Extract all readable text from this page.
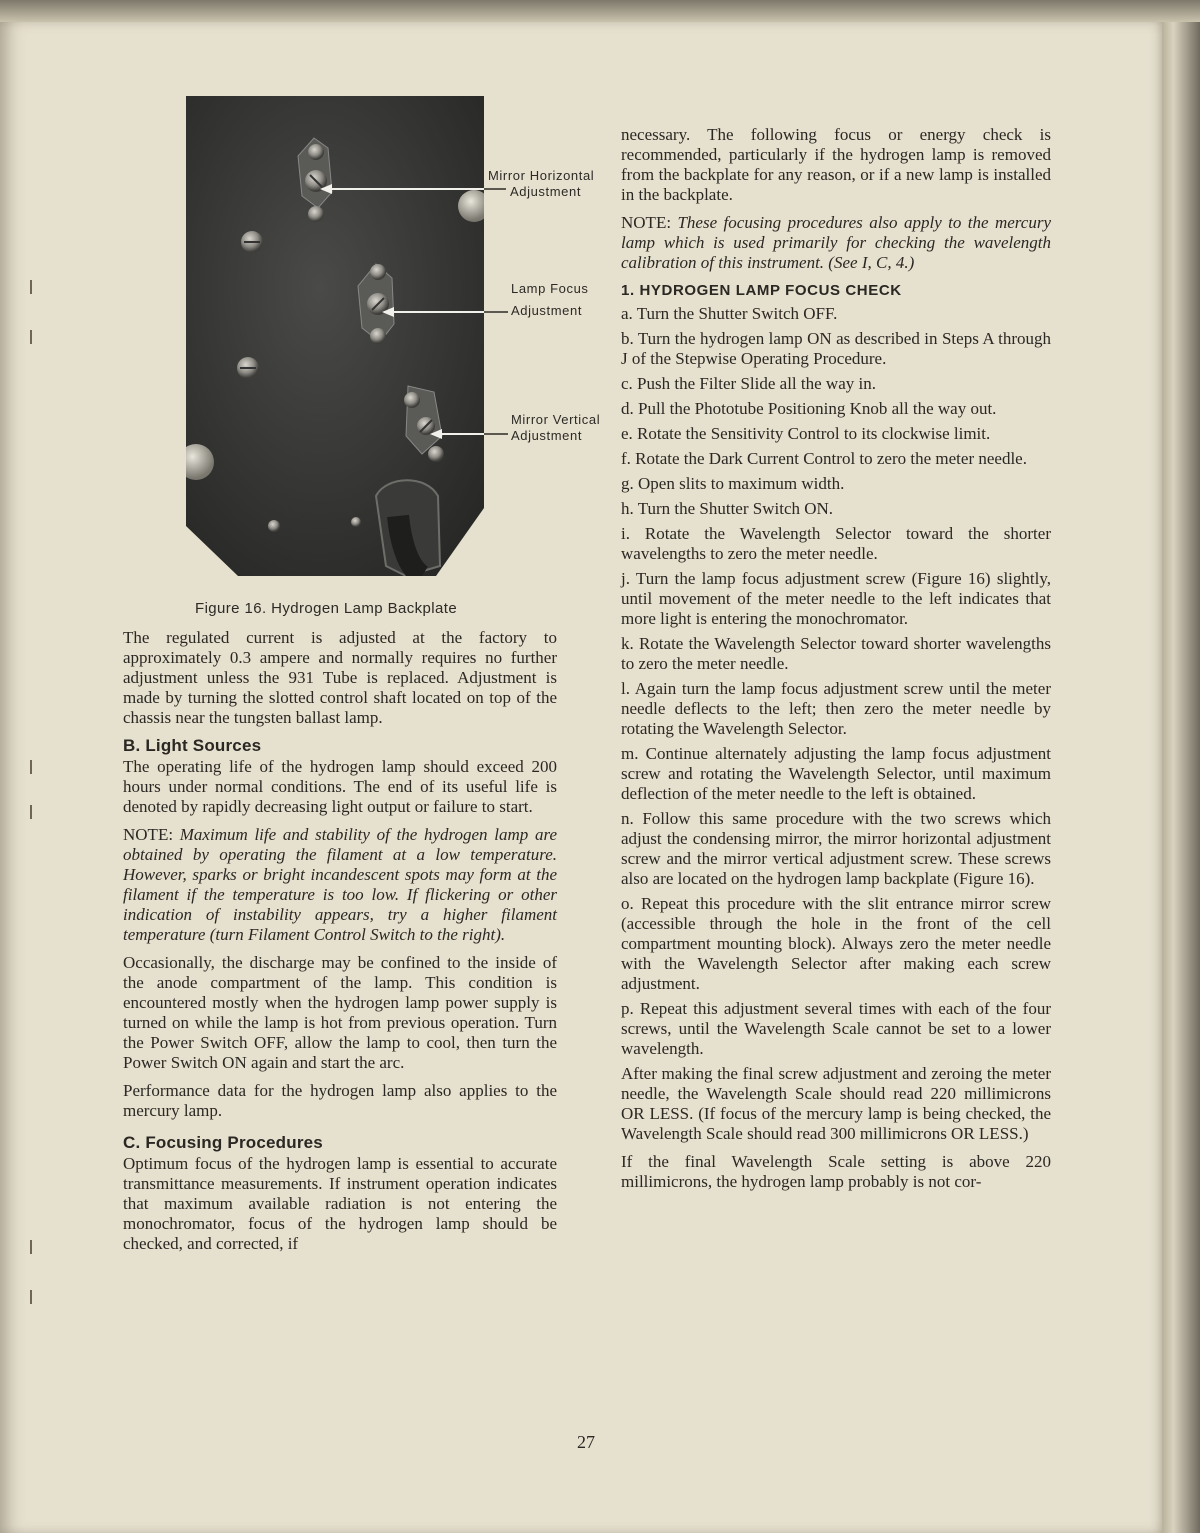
Mirror Horizontal
Adjustment
Lamp Focus
Adjustment
Mirror Vertical
Adjustment
Figure 16. Hydrogen Lamp Backplate

The regulated current is adjusted at the factory to approximately 0.3 ampere and normally requires no further adjustment unless the 931 Tube is replaced. Adjustment is made by turning the slotted control shaft located on top of the chassis near the tungsten ballast lamp.

B. Light Sources

The operating life of the hydrogen lamp should exceed 200 hours under normal conditions. The end of its useful life is denoted by rapidly decreasing light output or failure to start.

NOTE: Maximum life and stability of the hydrogen lamp are obtained by operating the filament at a low temperature. However, sparks or bright incandescent spots may form at the filament if the temperature is too low. If flickering or other indication of instability appears, try a higher filament temperature (turn Filament Control Switch to the right).

Occasionally, the discharge may be confined to the inside of the anode compartment of the lamp. This condition is encountered mostly when the hydrogen lamp power supply is turned on while the lamp is hot from previous operation. Turn the Power Switch OFF, allow the lamp to cool, then turn the Power Switch ON again and start the arc.

Performance data for the hydrogen lamp also applies to the mercury lamp.

C. Focusing Procedures

Optimum focus of the hydrogen lamp is essential to accurate transmittance measurements. If instrument operation indicates that maximum available radiation is not entering the monochromator, focus of the hydrogen lamp should be checked, and corrected, if

necessary. The following focus or energy check is recommended, particularly if the hydrogen lamp is removed from the backplate for any reason, or if a new lamp is installed in the backplate.

NOTE: These focusing procedures also apply to the mercury lamp which is used primarily for checking the wavelength calibration of this instrument. (See I, C, 4.)

1. HYDROGEN LAMP FOCUS CHECK

a. Turn the Shutter Switch OFF.

b. Turn the hydrogen lamp ON as described in Steps A through J of the Stepwise Operating Procedure.

c. Push the Filter Slide all the way in.

d. Pull the Phototube Positioning Knob all the way out.

e. Rotate the Sensitivity Control to its clockwise limit.

f. Rotate the Dark Current Control to zero the meter needle.

g. Open slits to maximum width.

h. Turn the Shutter Switch ON.

i. Rotate the Wavelength Selector toward the shorter wavelengths to zero the meter needle.

j. Turn the lamp focus adjustment screw (Figure 16) slightly, until movement of the meter needle to the left indicates that more light is entering the monochromator.

k. Rotate the Wavelength Selector toward shorter wavelengths to zero the meter needle.

l. Again turn the lamp focus adjustment screw until the meter needle deflects to the left; then zero the meter needle by rotating the Wavelength Selector.

m. Continue alternately adjusting the lamp focus adjustment screw and rotating the Wavelength Selector, until maximum deflection of the meter needle to the left is obtained.

n. Follow this same procedure with the two screws which adjust the condensing mirror, the mirror horizontal adjustment screw and the mirror vertical adjustment screw. These screws also are located on the hydrogen lamp backplate (Figure 16).

o. Repeat this procedure with the slit entrance mirror screw (accessible through the hole in the front of the cell compartment mounting block). Always zero the meter needle with the Wavelength Selector after making each screw adjustment.

p. Repeat this adjustment several times with each of the four screws, until the Wavelength Scale cannot be set to a lower wavelength.

After making the final screw adjustment and zeroing the meter needle, the Wavelength Scale should read 220 millimicrons OR LESS. (If focus of the mercury lamp is being checked, the Wavelength Scale should read 300 millimicrons OR LESS.)

If the final Wavelength Scale setting is above 220 millimicrons, the hydrogen lamp probably is not cor-

27
